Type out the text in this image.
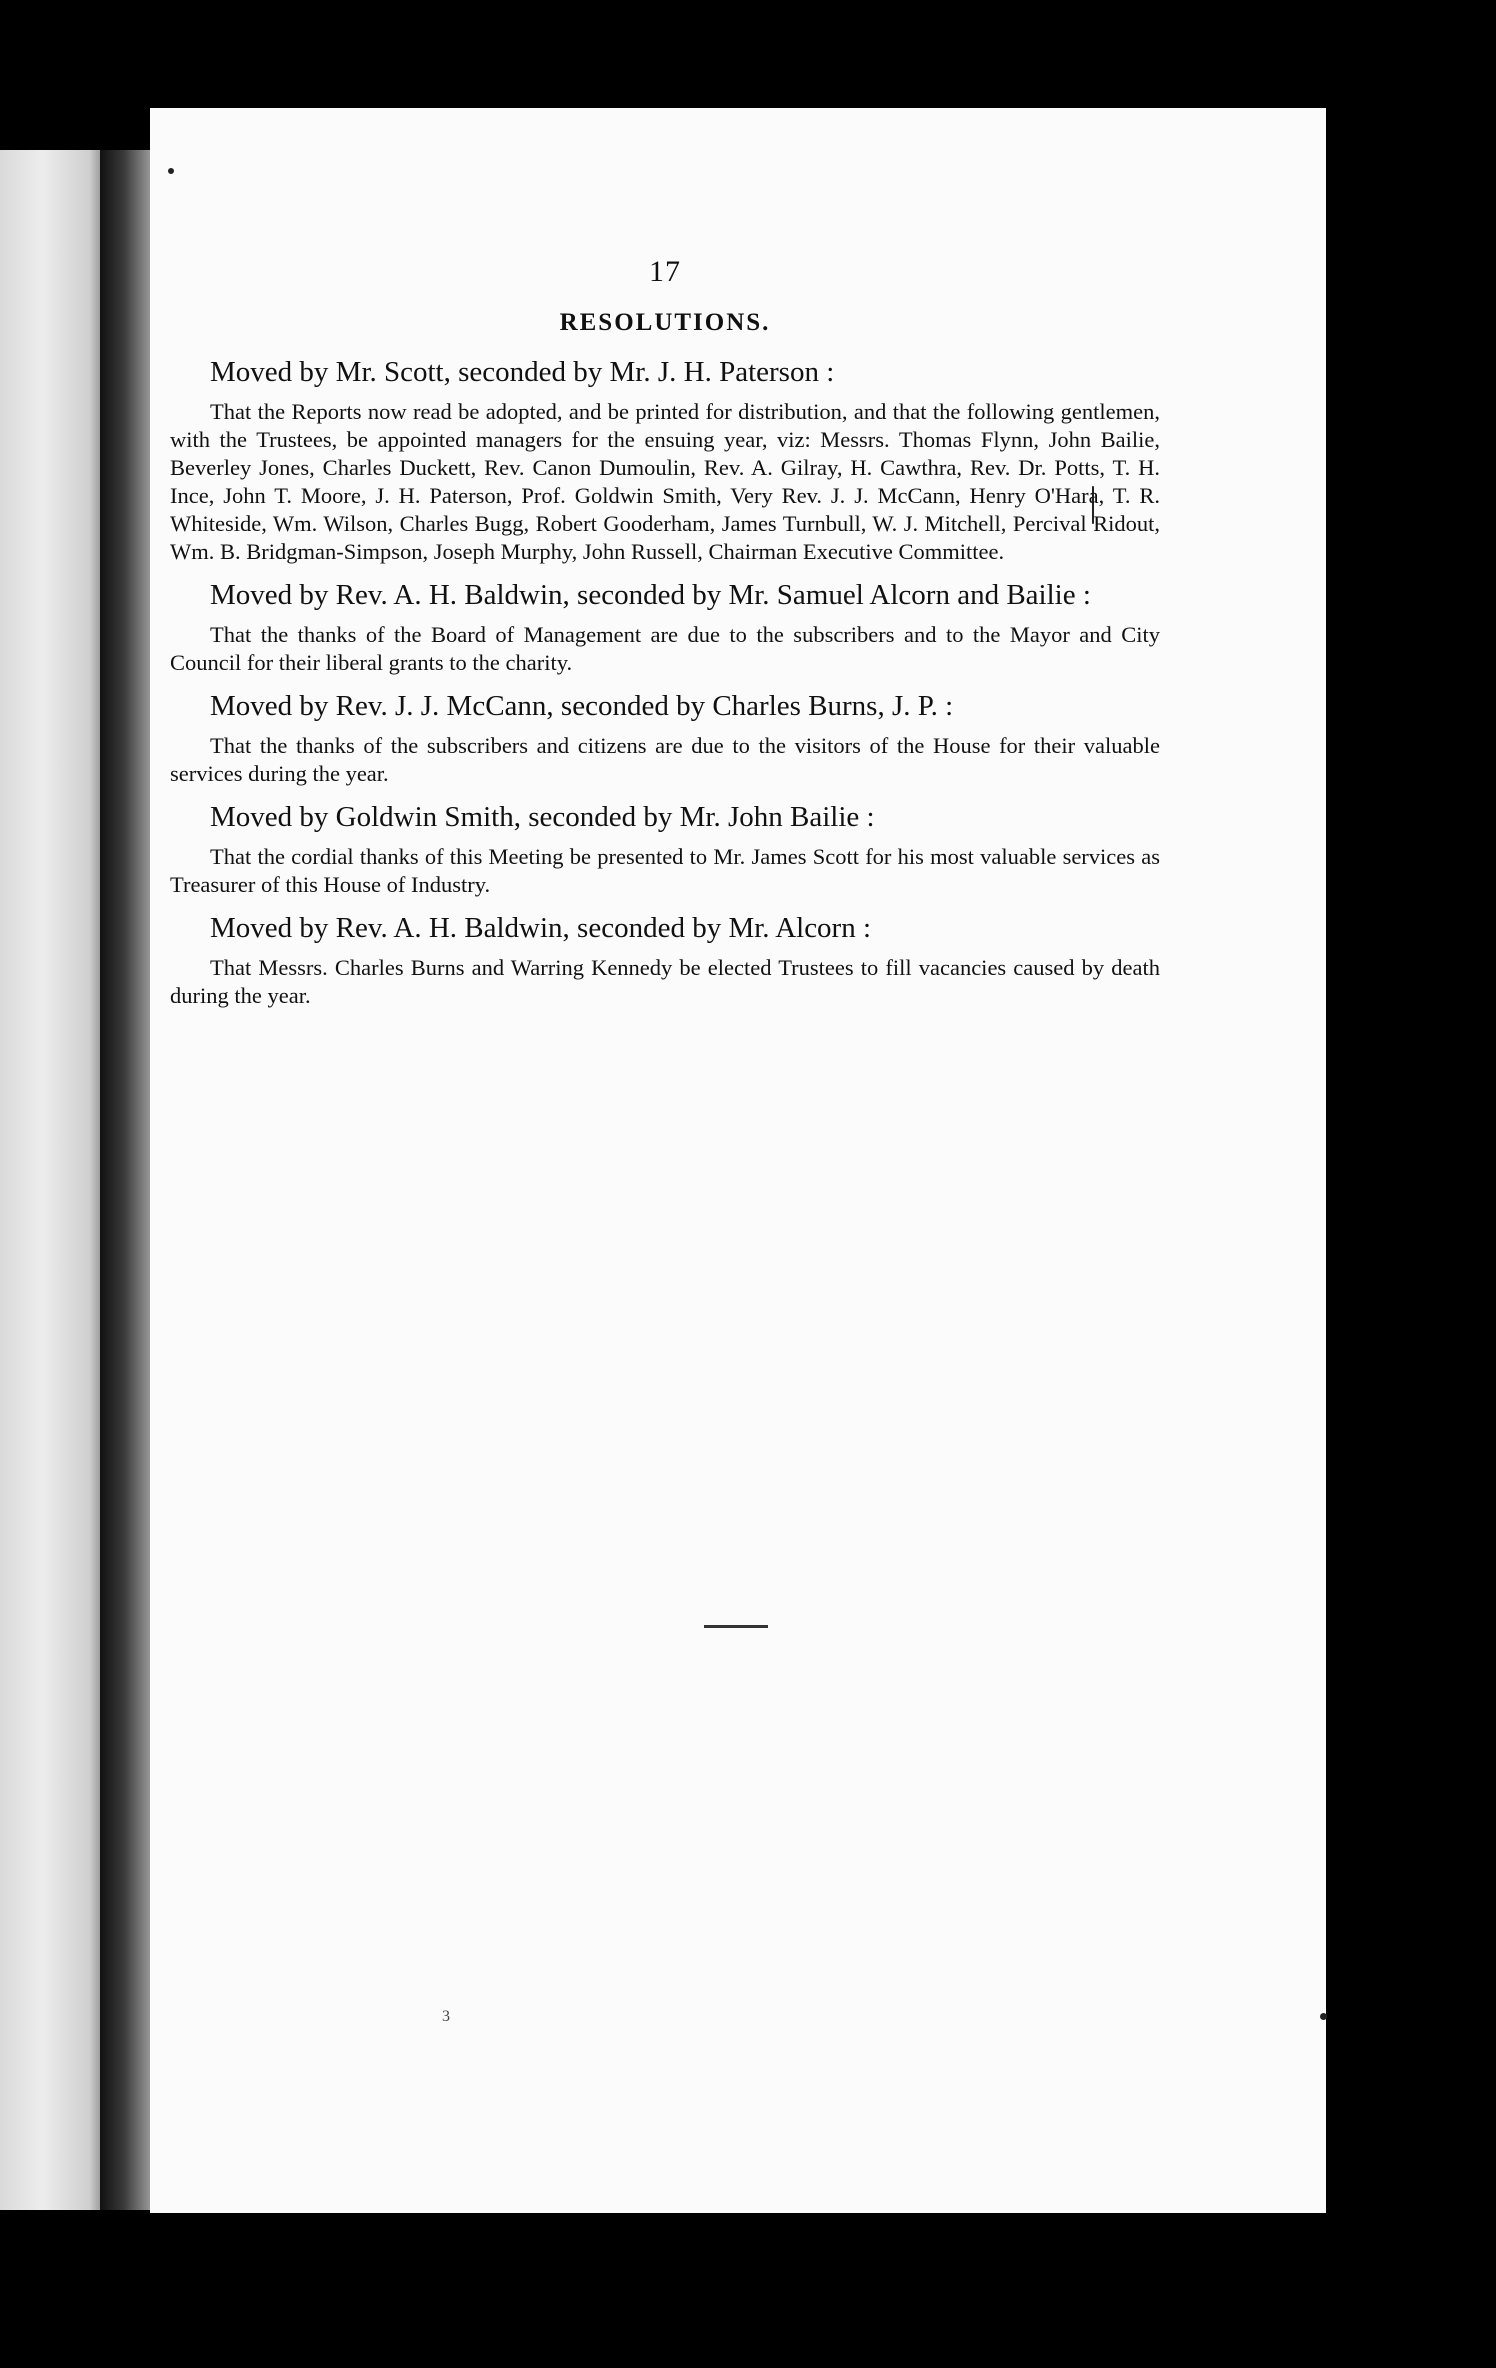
17
RESOLUTIONS.

Moved by Mr. Scott, seconded by Mr. J. H. Paterson :

That the Reports now read be adopted, and be printed for distribution, and that the following gentlemen, with the Trustees, be appointed managers for the ensuing year, viz: Messrs. Thomas Flynn, John Bailie, Beverley Jones, Charles Duckett, Rev. Canon Dumoulin, Rev. A. Gilray, H. Cawthra, Rev. Dr. Potts, T. H. Ince, John T. Moore, J. H. Paterson, Prof. Goldwin Smith, Very Rev. J. J. McCann, Henry O'Hara, T. R. Whiteside, Wm. Wilson, Charles Bugg, Robert Gooderham, James Turnbull, W. J. Mitchell, Percival Ridout, Wm. B. Bridgman-Simpson, Joseph Murphy, John Russell, Chairman Executive Committee.

Moved by Rev. A. H. Baldwin, seconded by Mr. Samuel Alcorn and Bailie :

That the thanks of the Board of Management are due to the subscribers and to the Mayor and City Council for their liberal grants to the charity.

Moved by Rev. J. J. McCann, seconded by Charles Burns, J. P. :

That the thanks of the subscribers and citizens are due to the visitors of the House for their valuable services during the year.

Moved by Goldwin Smith, seconded by Mr. John Bailie :

That the cordial thanks of this Meeting be presented to Mr. James Scott for his most valuable services as Treasurer of this House of Industry.

Moved by Rev. A. H. Baldwin, seconded by Mr. Alcorn :

That Messrs. Charles Burns and Warring Kennedy be elected Trustees to fill vacancies caused by death during the year.

3
